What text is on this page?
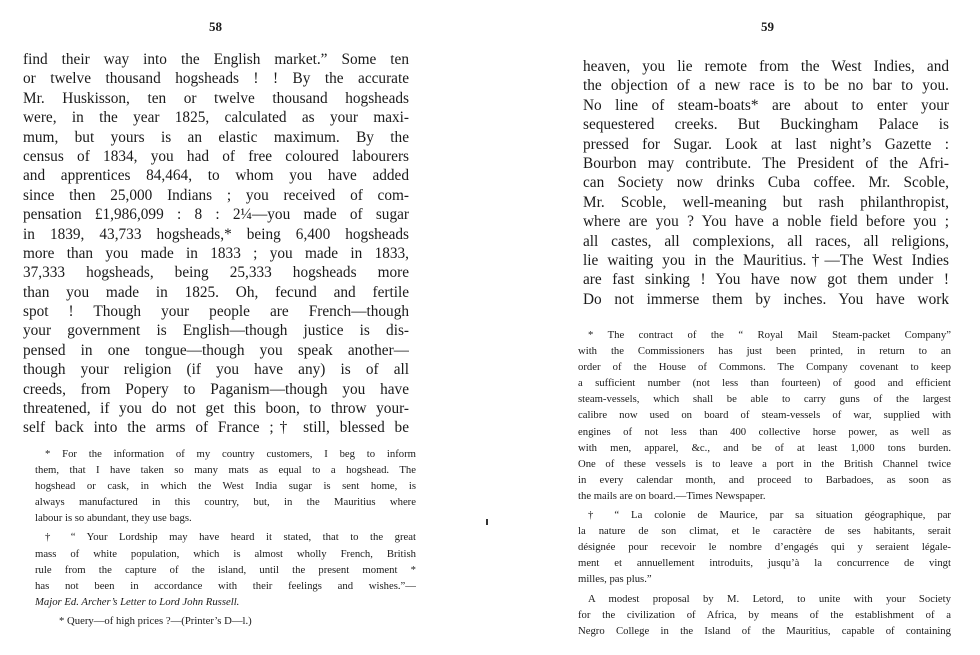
58
find their way into the English market.” Some ten
or twelve thousand hogsheads ! ! By the accurate
Mr. Huskisson, ten or twelve thousand hogsheads
were, in the year 1825, calculated as your maxi-
mum, but yours is an elastic maximum. By the
census of 1834, you had of free coloured labourers
and apprentices 84,464, to whom you have added
since then 25,000 Indians ; you received of com-
pensation £1,986,099 : 8 : 2¼—you made of sugar
in 1839, 43,733 hogsheads,* being 6,400 hogsheads
more than you made in 1833 ; you made in 1833,
37,333 hogsheads, being 25,333 hogsheads more
than you made in 1825. Oh, fecund and fertile
spot ! Though your people are French—though
your government is English—though justice is dis-
pensed in one tongue—though you speak another—
though your religion (if you have any) is of all
creeds, from Popery to Paganism—though you have
threatened, if you do not get this boon, to throw your-
self back into the arms of France ;† still, blessed be
* For the information of my country customers, I beg to inform
them, that I have taken so many mats as equal to a hogshead. The
hogshead or cask, in which the West India sugar is sent home, is
always manufactured in this country, but, in the Mauritius where
labour is so abundant, they use bags.
† “ Your Lordship may have heard it stated, that to the great
mass of white population, which is almost wholly French, British
rule from the capture of the island, until the present moment *
has not been in accordance with their feelings and wishes.”—
Major Ed. Archer’s Letter to Lord John Russell.
* Query—of high prices ?—(Printer’s D—l.)
59
heaven, you lie remote from the West Indies, and
the objection of a new race is to be no bar to you.
No line of steam-boats* are about to enter your
sequestered creeks. But Buckingham Palace is
pressed for Sugar. Look at last night’s Gazette :
Bourbon may contribute. The President of the Afri-
can Society now drinks Cuba coffee. Mr. Scoble,
Mr. Scoble, well-meaning but rash philanthropist,
where are you ? You have a noble field before you ;
all castes, all complexions, all races, all religions,
lie waiting you in the Mauritius.†—The West Indies
are fast sinking ! You have now got them under !
Do not immerse them by inches. You have work
* The contract of the “ Royal Mail Steam-packet Company”
with the Commissioners has just been printed, in return to an
order of the House of Commons. The Company covenant to keep
a sufficient number (not less than fourteen) of good and efficient
steam-vessels, which shall be able to carry guns of the largest
calibre now used on board of steam-vessels of war, supplied with
engines of not less than 400 collective horse power, as well as
with men, apparel, &c., and be of at least 1,000 tons burden.
One of these vessels is to leave a port in the British Channel twice
in every calendar month, and proceed to Barbadoes, as soon as
the mails are on board.—Times Newspaper.
† “ La colonie de Maurice, par sa situation géographique, par
la nature de son climat, et le caractère de ses habitants, serait
désignée pour recevoir le nombre d’engagés qui y seraient légale-
ment et annuellement introduits, jusqu’à la concurrence de vingt
milles, pas plus.”
A modest proposal by M. Letord, to unite with your Society
for the civilization of Africa, by means of the establishment of a
Negro College in the Island of the Mauritius, capable of containing
